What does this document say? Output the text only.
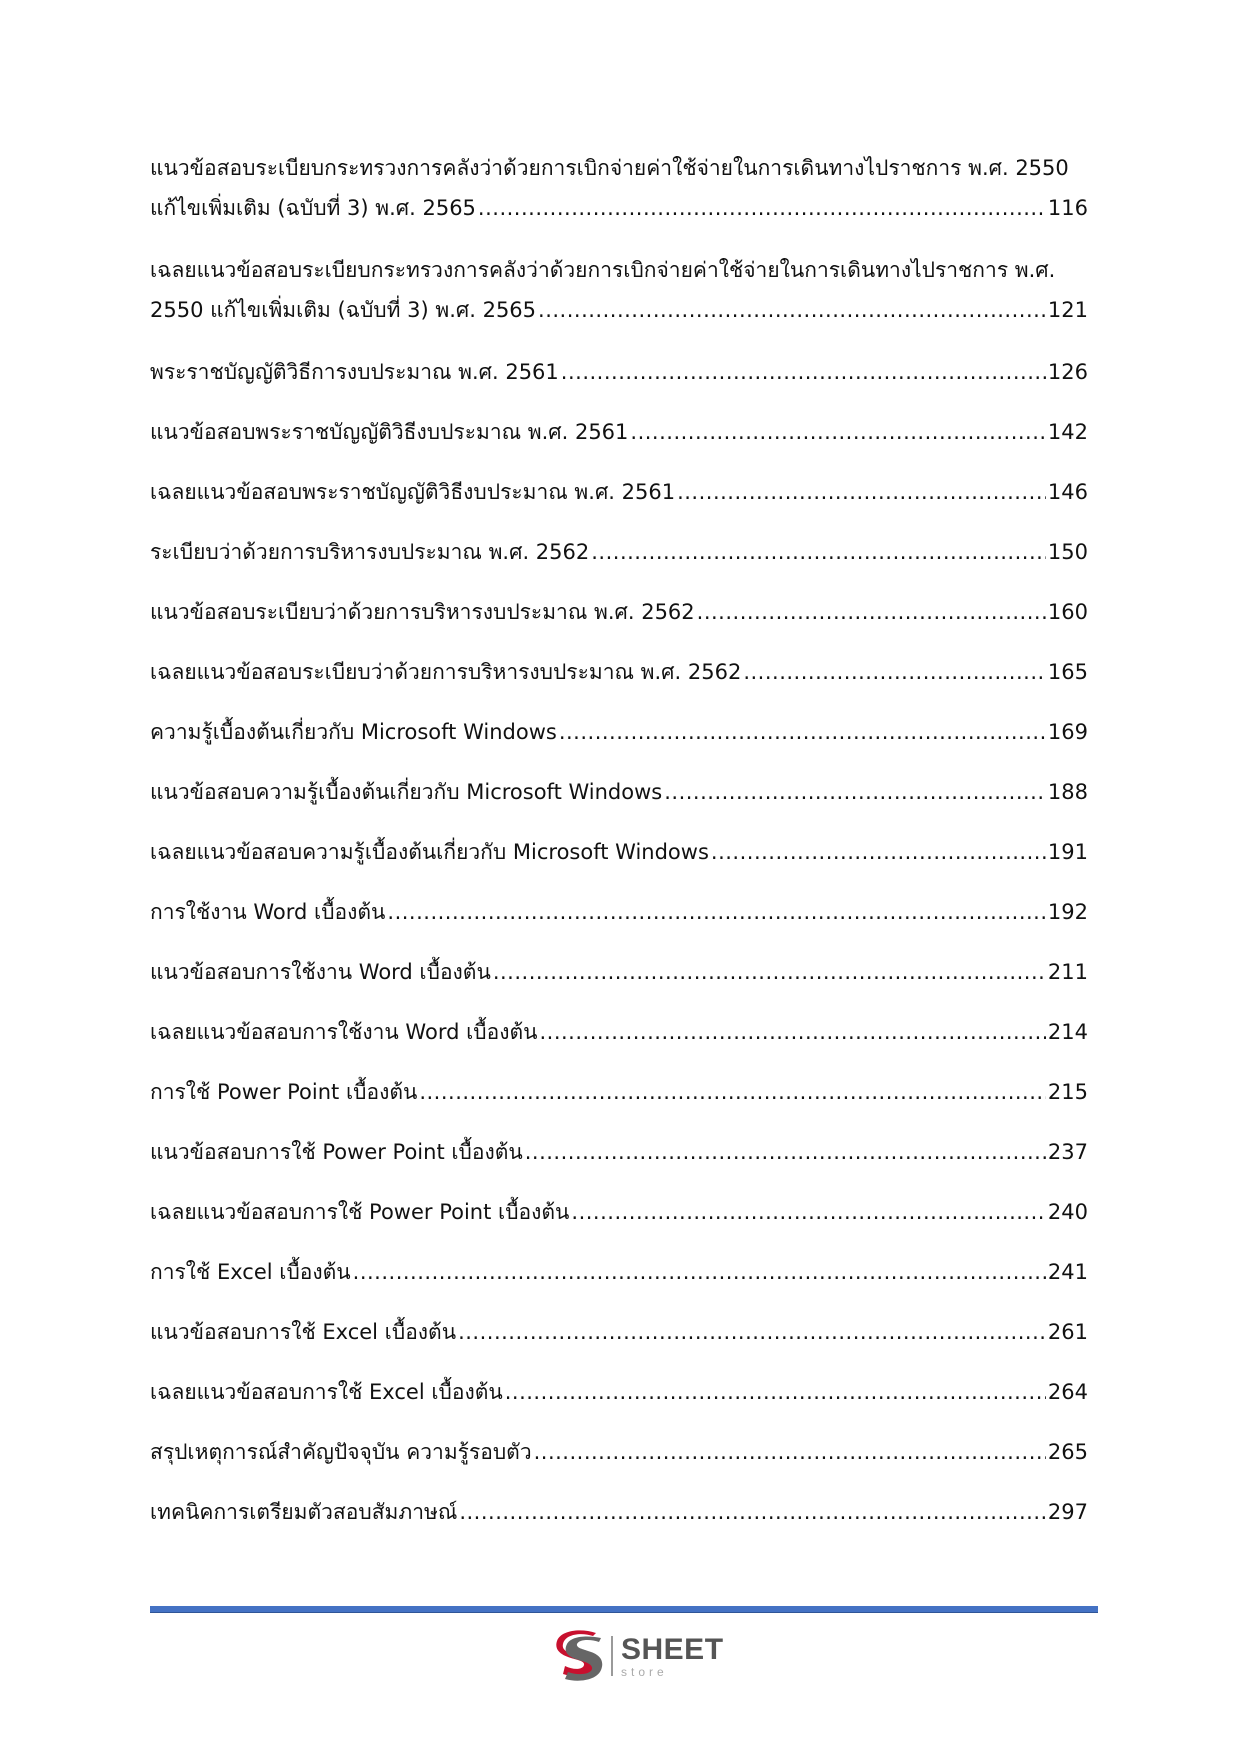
แนวข้อสอบระเบียบกระทรวงการคลังว่าด้วยการเบิกจ่ายค่าใช้จ่ายในการเดินทางไปราชการ พ.ศ. 2550
แก้ไขเพิ่มเติม (ฉบับที่ 3) พ.ศ. 2565 .....	116
เฉลยแนวข้อสอบระเบียบกระทรวงการคลังว่าด้วยการเบิกจ่ายค่าใช้จ่ายในการเดินทางไปราชการ พ.ศ.
2550 แก้ไขเพิ่มเติม (ฉบับที่ 3) พ.ศ. 2565 .....	121
พระราชบัญญัติวิธีการงบประมาณ พ.ศ. 2561 .....	126
แนวข้อสอบพระราชบัญญัติวิธีงบประมาณ พ.ศ. 2561 .....	142
เฉลยแนวข้อสอบพระราชบัญญัติวิธีงบประมาณ พ.ศ. 2561 .....	146
ระเบียบว่าด้วยการบริหารงบประมาณ พ.ศ. 2562 .....	150
แนวข้อสอบระเบียบว่าด้วยการบริหารงบประมาณ พ.ศ. 2562 .....	160
เฉลยแนวข้อสอบระเบียบว่าด้วยการบริหารงบประมาณ พ.ศ. 2562 .....	165
ความรู้เบื้องต้นเกี่ยวกับ Microsoft Windows .....	169
แนวข้อสอบความรู้เบื้องต้นเกี่ยวกับ Microsoft Windows .....	188
เฉลยแนวข้อสอบความรู้เบื้องต้นเกี่ยวกับ Microsoft Windows .....	191
การใช้งาน Word เบื้องต้น .....	192
แนวข้อสอบการใช้งาน Word เบื้องต้น .....	211
เฉลยแนวข้อสอบการใช้งาน Word เบื้องต้น .....	214
การใช้ Power Point เบื้องต้น .....	215
แนวข้อสอบการใช้ Power Point เบื้องต้น .....	237
เฉลยแนวข้อสอบการใช้ Power Point เบื้องต้น .....	240
การใช้ Excel เบื้องต้น .....	241
แนวข้อสอบการใช้ Excel เบื้องต้น .....	261
เฉลยแนวข้อสอบการใช้ Excel เบื้องต้น .....	264
สรุปเหตุการณ์สำคัญปัจจุบัน ความรู้รอบตัว .....	265
เทคนิคการเตรียมตัวสอบสัมภาษณ์ .....	297
SHEET
store
